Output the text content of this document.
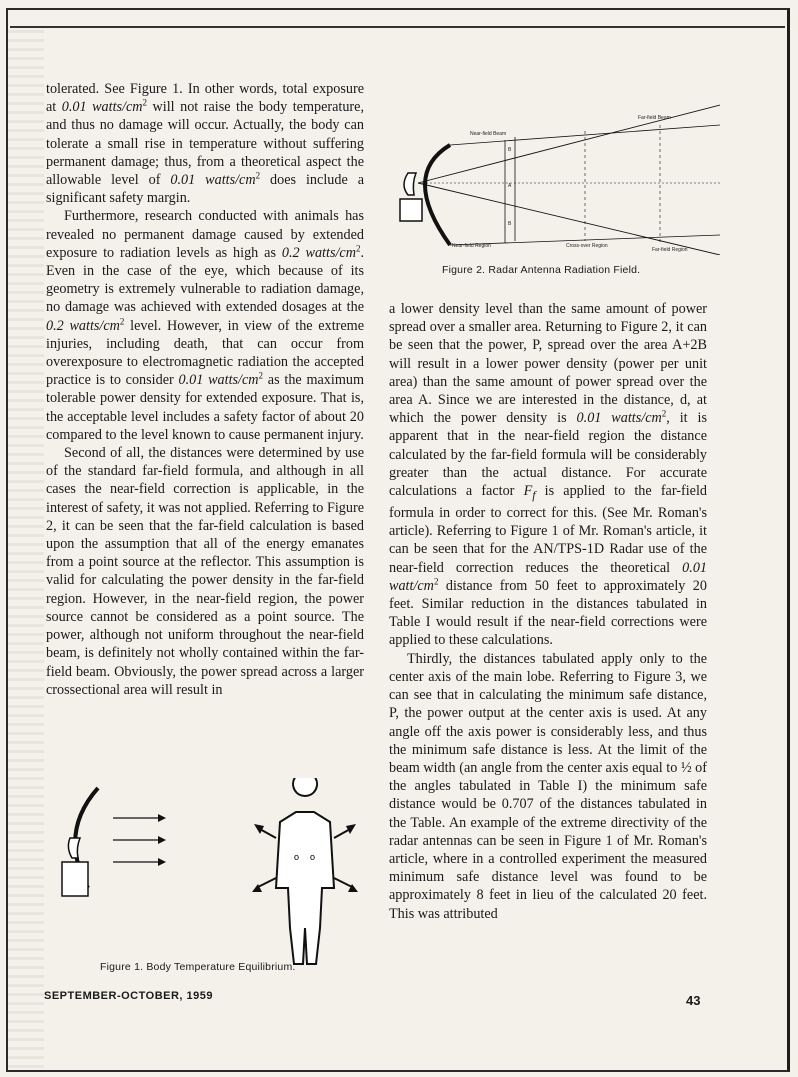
Near-field Beam
Far-field Beam
A
B
B
Near-field Region	Cross-over Region
Far-field Region
Figure 2. Radar Antenna Radiation Field.
o o
Figure 1. Body Temperature Equilibrium.

tolerated. See Figure 1. In other words, total exposure at 0.01 watts/$cm^2$ will not raise the body temperature, and thus no damage will occur. Actually, the body can tolerate a small rise in temperature without suffering permanent damage; thus, from a theoretical aspect the allowable level of 0.01 watts/$cm^2$ does include a significant safety margin.

Furthermore, research conducted with animals has revealed no permanent damage caused by extended exposure to radiation levels as high as 0.2 watts/$cm^2$. Even in the case of the eye, which because of its geometry is extremely vulnerable to radiation damage, no damage was achieved with extended dosages at the 0.2 watts/$cm^2$ level. However, in view of the extreme injuries, including death, that can occur from overexposure to electromagnetic radiation the accepted practice is to consider 0.01 watts/$cm^2$ as the maximum tolerable power density for extended exposure. That is, the acceptable level includes a safety factor of about 20 compared to the level known to cause permanent injury.

Second of all, the distances were determined by use of the standard far-field formula, and although in all cases the near-field correction is applicable, in the interest of safety, it was not applied. Referring to Figure 2, it can be seen that the far-field calculation is based upon the assumption that all of the energy emanates from a point source at the reflector. This assumption is valid for calculating the power density in the far-field region. However, in the near-field region, the power source cannot be considered as a point source. The power, although not uniform throughout the near-field beam, is definitely not wholly contained within the far-field beam. Obviously, the power spread across a larger crossectional area will result in

a lower density level than the same amount of power spread over a smaller area. Returning to Figure 2, it can be seen that the power, P, spread over the area A+2B will result in a lower power density (power per unit area) than the same amount of power spread over the area A. Since we are interested in the distance, d, at which the power density is 0.01 watts/$cm^2$, it is apparent that in the near-field region the distance calculated by the far-field formula will be considerably greater than the actual distance. For accurate calculations a factor $F_f$ is applied to the far-field formula in order to correct for this. (See Mr. Roman's article). Referring to Figure 1 of Mr. Roman's article, it can be seen that for the AN/TPS-1D Radar use of the near-field correction reduces the theoretical 0.01 watt/$cm^2$ distance from 50 feet to approximately 20 feet. Similar reduction in the distances tabulated in Table I would result if the near-field corrections were applied to these calculations.

Thirdly, the distances tabulated apply only to the center axis of the main lobe. Referring to Figure 3, we can see that in calculating the minimum safe distance, P, the power output at the center axis is used. At any angle off the axis power is considerably less, and thus the minimum safe distance is less. At the limit of the beam width (an angle from the center axis equal to ½ of the angles tabulated in Table I) the minimum safe distance would be 0.707 of the distances tabulated in the Table. An example of the extreme directivity of the radar antennas can be seen in Figure 1 of Mr. Roman's article, where in a controlled experiment the measured minimum safe distance level was found to be approximately 8 feet in lieu of the calculated 20 feet. This was attributed

SEPTEMBER-OCTOBER, 1959	43
